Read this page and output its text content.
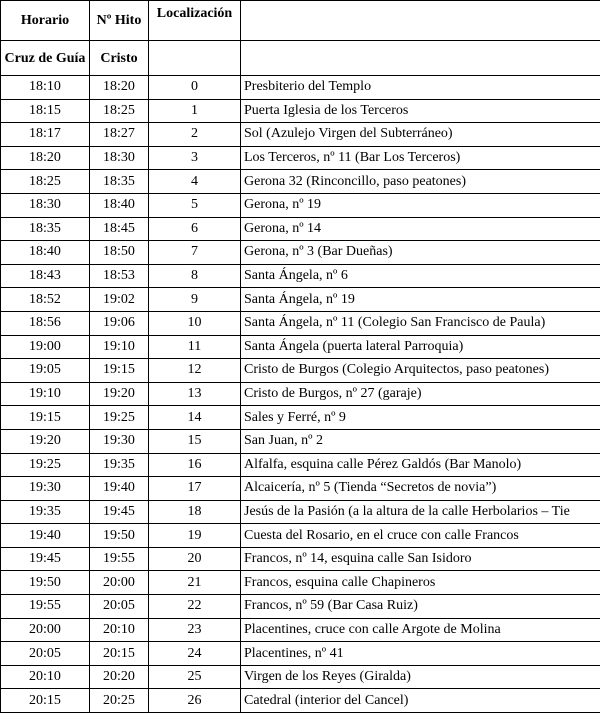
Horario	Nº Hito	Localización	
Cruz de Guía	Cristo		
18:10	18:20	0	Presbiterio del Templo
18:15	18:25	1	Puerta Iglesia de los Terceros
18:17	18:27	2	Sol (Azulejo Virgen del Subterráneo)
18:20	18:30	3	Los Terceros, nº 11 (Bar Los Terceros)
18:25	18:35	4	Gerona 32 (Rinconcillo, paso peatones)
18:30	18:40	5	Gerona, nº 19
18:35	18:45	6	Gerona, nº 14
18:40	18:50	7	Gerona, nº 3 (Bar Dueñas)
18:43	18:53	8	Santa Ángela, nº 6
18:52	19:02	9	Santa Ángela, nº 19
18:56	19:06	10	Santa Ángela, nº 11 (Colegio San Francisco de Paula)
19:00	19:10	11	Santa Ángela (puerta lateral Parroquia)
19:05	19:15	12	Cristo de Burgos (Colegio Arquitectos, paso peatones)
19:10	19:20	13	Cristo de Burgos, nº 27 (garaje)
19:15	19:25	14	Sales y Ferré, nº 9
19:20	19:30	15	San Juan, nº 2
19:25	19:35	16	Alfalfa, esquina calle Pérez Galdós (Bar Manolo)
19:30	19:40	17	Alcaicería, nº 5 (Tienda “Secretos de novia”)
19:35	19:45	18	Jesús de la Pasión (a la altura de la calle Herbolarios – Tie
19:40	19:50	19	Cuesta del Rosario, en el cruce con calle Francos
19:45	19:55	20	Francos, nº 14, esquina calle San Isidoro
19:50	20:00	21	Francos, esquina calle Chapineros
19:55	20:05	22	Francos, nº 59 (Bar Casa Ruiz)
20:00	20:10	23	Placentines, cruce con calle Argote de Molina
20:05	20:15	24	Placentines, nº 41
20:10	20:20	25	Virgen de los Reyes (Giralda)
20:15	20:25	26	Catedral (interior del Cancel)
